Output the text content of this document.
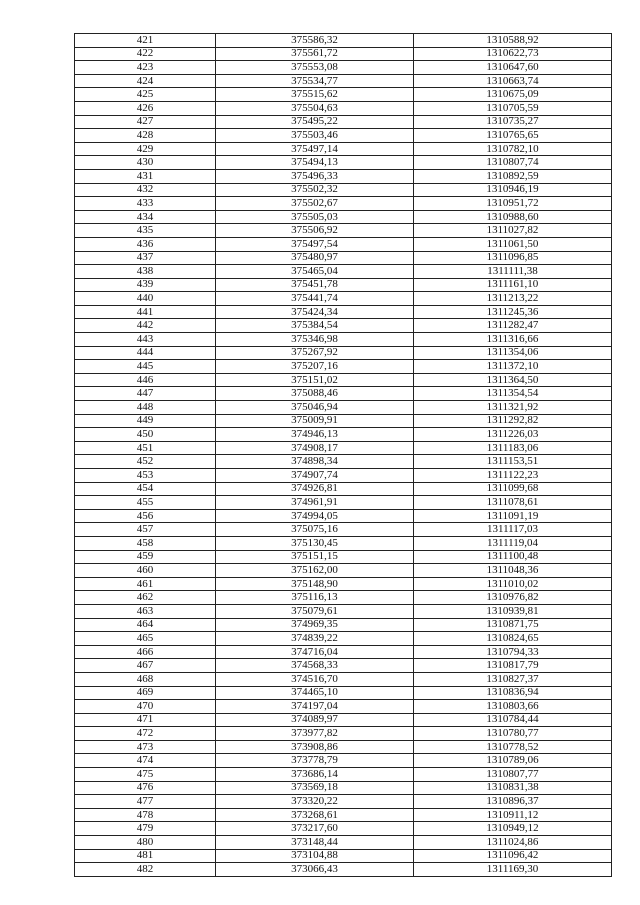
421	375586,32	1310588,92
422	375561,72	1310622,73
423	375553,08	1310647,60
424	375534,77	1310663,74
425	375515,62	1310675,09
426	375504,63	1310705,59
427	375495,22	1310735,27
428	375503,46	1310765,65
429	375497,14	1310782,10
430	375494,13	1310807,74
431	375496,33	1310892,59
432	375502,32	1310946,19
433	375502,67	1310951,72
434	375505,03	1310988,60
435	375506,92	1311027,82
436	375497,54	1311061,50
437	375480,97	1311096,85
438	375465,04	1311111,38
439	375451,78	1311161,10
440	375441,74	1311213,22
441	375424,34	1311245,36
442	375384,54	1311282,47
443	375346,98	1311316,66
444	375267,92	1311354,06
445	375207,16	1311372,10
446	375151,02	1311364,50
447	375088,46	1311354,54
448	375046,94	1311321,92
449	375009,91	1311292,82
450	374946,13	1311226,03
451	374908,17	1311183,06
452	374898,34	1311153,51
453	374907,74	1311122,23
454	374926,81	1311099,68
455	374961,91	1311078,61
456	374994,05	1311091,19
457	375075,16	1311117,03
458	375130,45	1311119,04
459	375151,15	1311100,48
460	375162,00	1311048,36
461	375148,90	1311010,02
462	375116,13	1310976,82
463	375079,61	1310939,81
464	374969,35	1310871,75
465	374839,22	1310824,65
466	374716,04	1310794,33
467	374568,33	1310817,79
468	374516,70	1310827,37
469	374465,10	1310836,94
470	374197,04	1310803,66
471	374089,97	1310784,44
472	373977,82	1310780,77
473	373908,86	1310778,52
474	373778,79	1310789,06
475	373686,14	1310807,77
476	373569,18	1310831,38
477	373320,22	1310896,37
478	373268,61	1310911,12
479	373217,60	1310949,12
480	373148,44	1311024,86
481	373104,88	1311096,42
482	373066,43	1311169,30
